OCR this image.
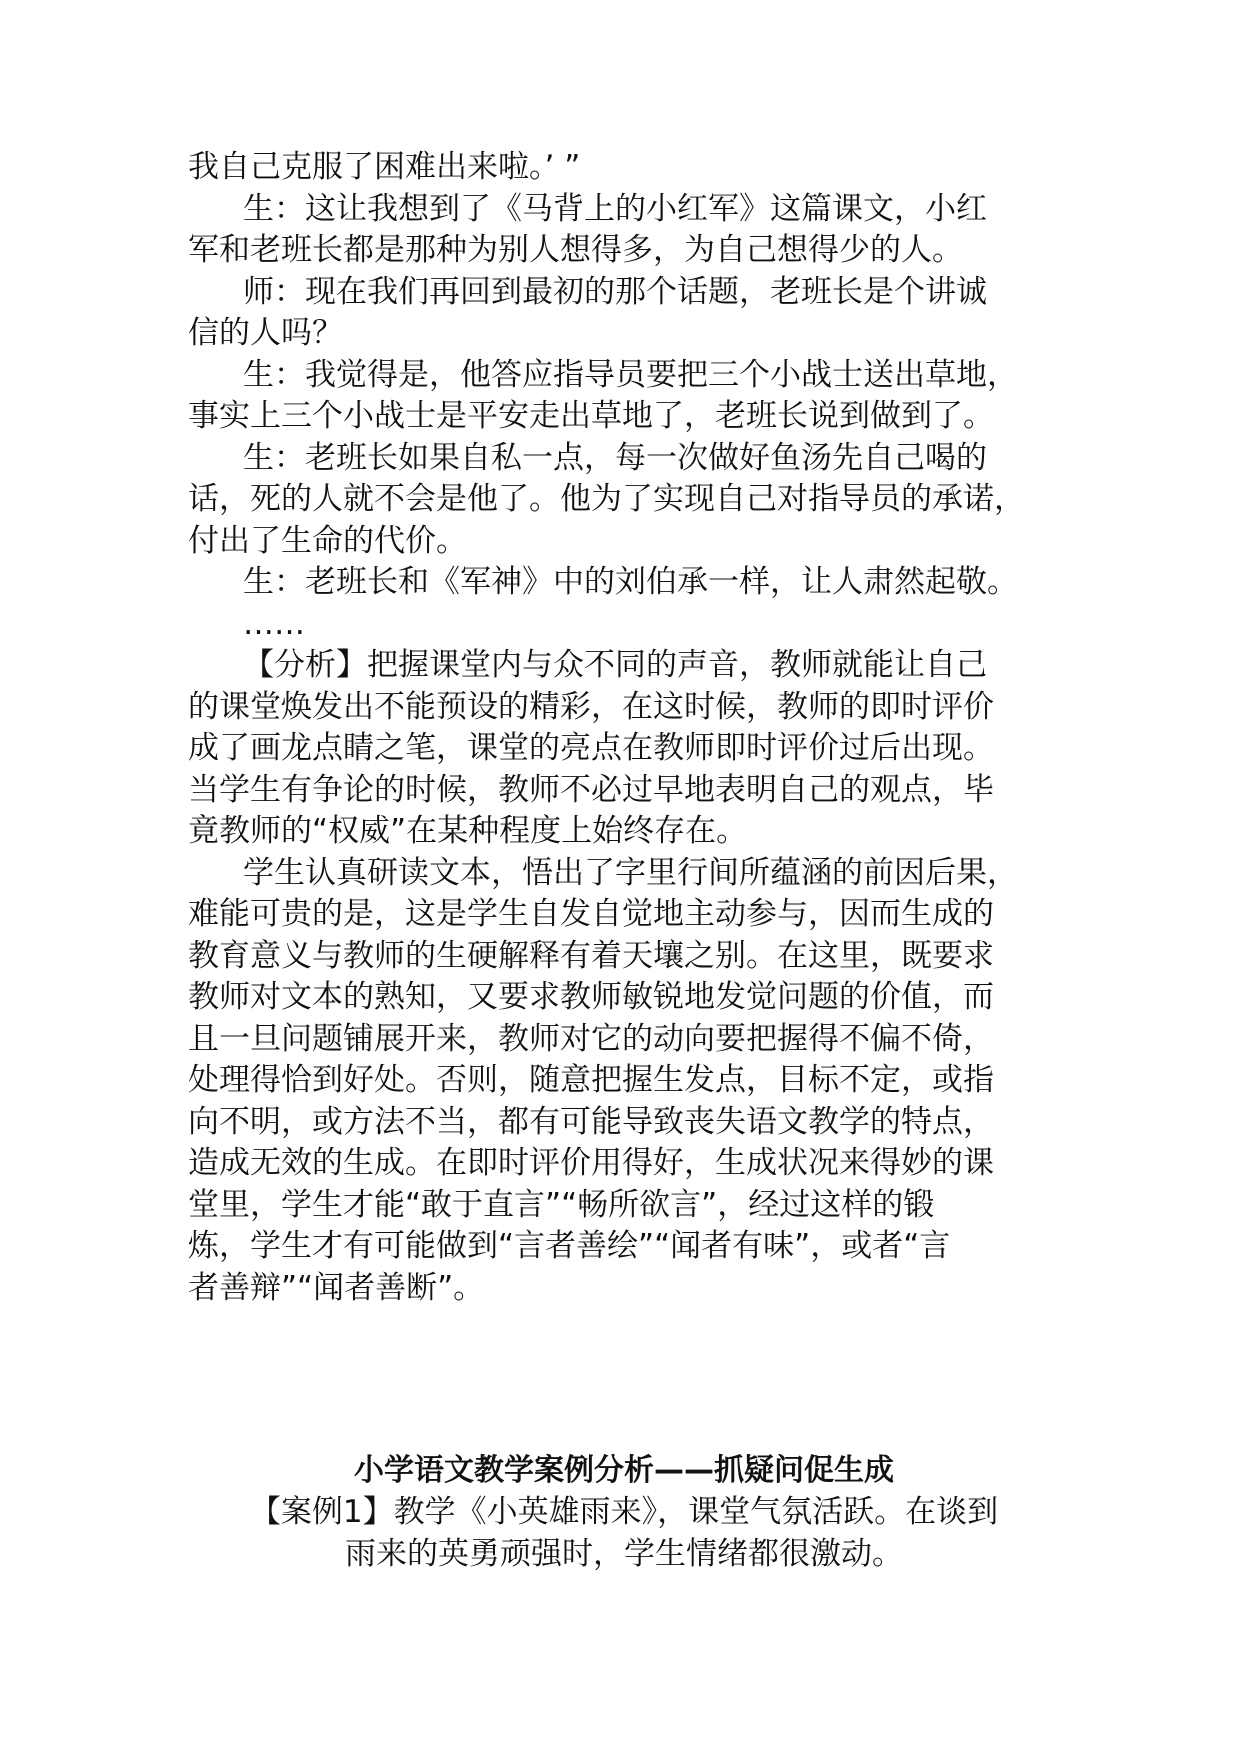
我自己克服了困难出来啦。’ ”
生：这让我想到了《马背上的小红军》这篇课文，小红
军和老班长都是那种为别人想得多，为自己想得少的人。
师：现在我们再回到最初的那个话题，老班长是个讲诚
信的人吗？
生：我觉得是，他答应指导员要把三个小战士送出草地，
事实上三个小战士是平安走出草地了，老班长说到做到了。
生：老班长如果自私一点，每一次做好鱼汤先自己喝的
话，死的人就不会是他了。他为了实现自己对指导员的承诺，
付出了生命的代价。
生：老班长和《军神》中的刘伯承一样，让人肃然起敬。
……
【分析】把握课堂内与众不同的声音，教师就能让自己
的课堂焕发出不能预设的精彩，在这时候，教师的即时评价
成了画龙点睛之笔，课堂的亮点在教师即时评价过后出现。
当学生有争论的时候，教师不必过早地表明自己的观点，毕
竟教师的“权威”在某种程度上始终存在。
学生认真研读文本，悟出了字里行间所蕴涵的前因后果，
难能可贵的是，这是学生自发自觉地主动参与，因而生成的
教育意义与教师的生硬解释有着天壤之别。在这里，既要求
教师对文本的熟知，又要求教师敏锐地发觉问题的价值，而
且一旦问题铺展开来，教师对它的动向要把握得不偏不倚，
处理得恰到好处。否则，随意把握生发点，目标不定，或指
向不明，或方法不当，都有可能导致丧失语文教学的特点，
造成无效的生成。在即时评价用得好，生成状况来得妙的课
堂里，学生才能“敢于直言”“畅所欲言”，经过这样的锻
炼，学生才有可能做到“言者善绘”“闻者有味”，或者“言
者善辩”“闻者善断”。
小学语文教学案例分析——抓疑问促生成
【案例1】教学《小英雄雨来》，课堂气氛活跃。在谈到
雨来的英勇顽强时，学生情绪都很激动。
